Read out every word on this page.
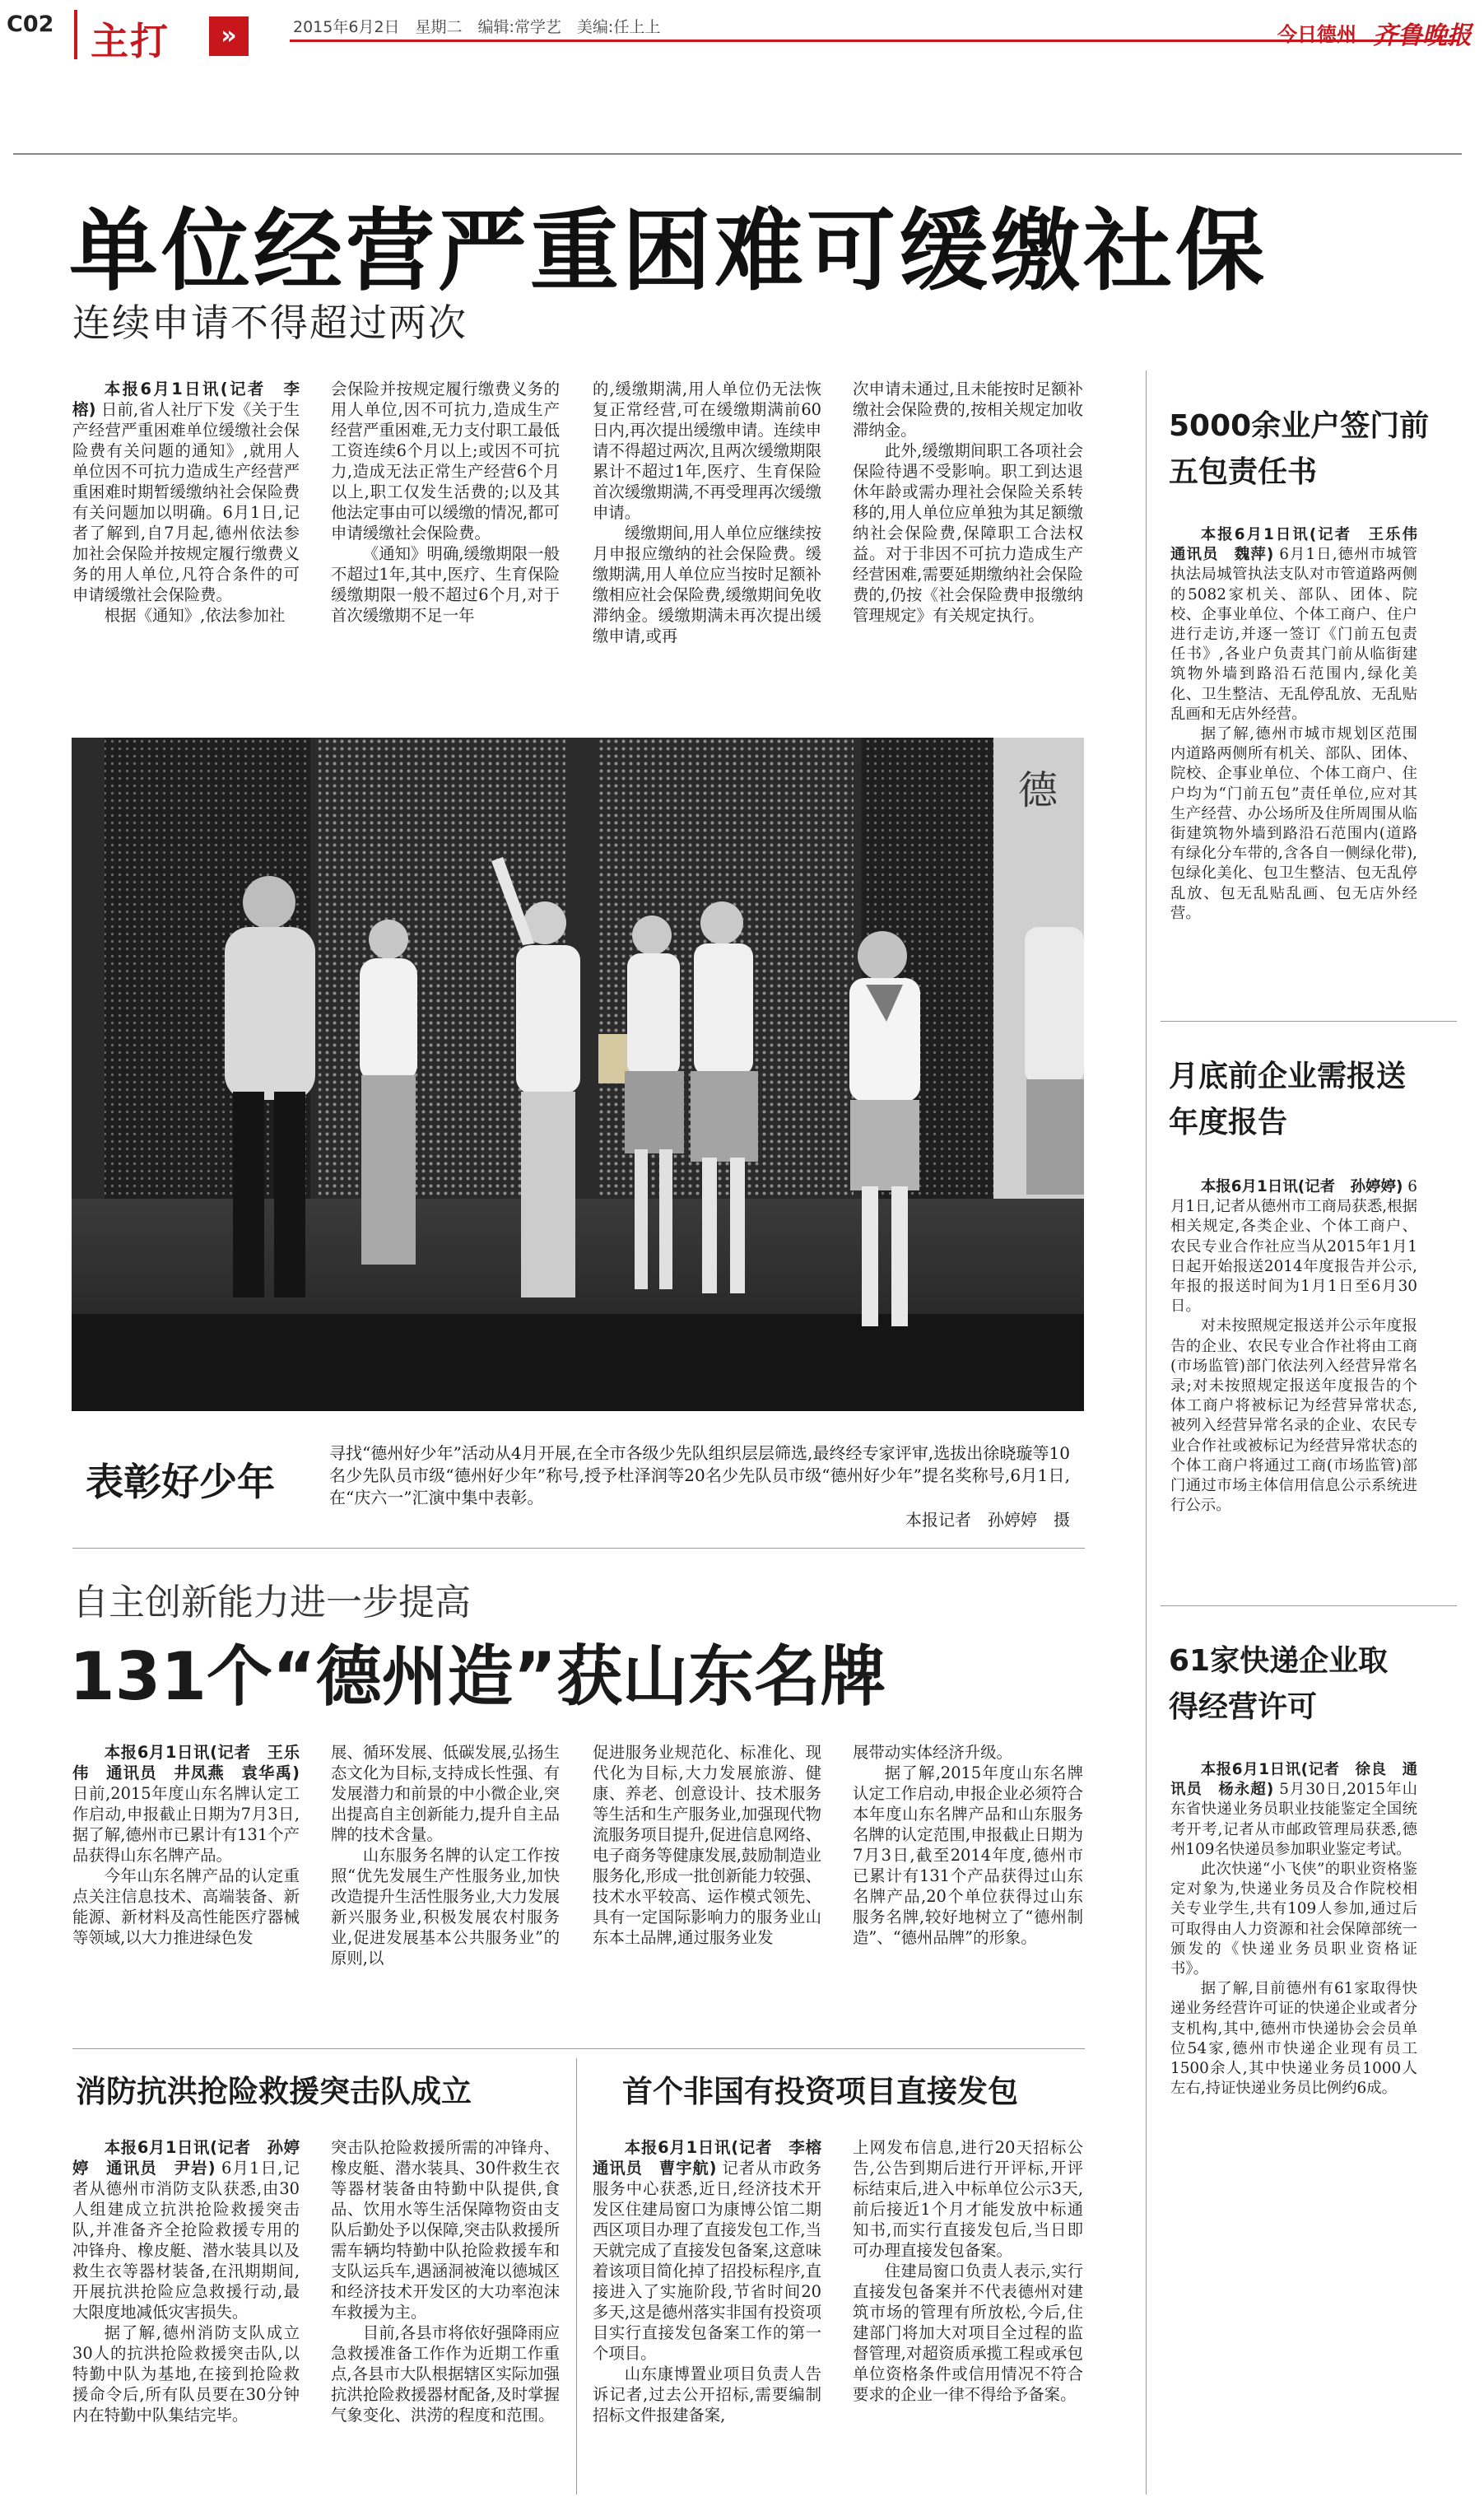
C02 主打	»	2015年6月2日　星期二　编辑:常学艺　美编:任上上	今日德州 齐鲁晚报
单位经营严重困难可缓缴社保
连续申请不得超过两次

本报6月1日讯(记者　李榕) 日前,省人社厅下发《关于生产经营严重困难单位缓缴社会保险费有关问题的通知》,就用人单位因不可抗力造成生产经营严重困难时期暂缓缴纳社会保险费有关问题加以明确。6月1日,记者了解到,自7月起,德州依法参加社会保险并按规定履行缴费义务的用人单位,凡符合条件的可申请缓缴社会保险费。

根据《通知》,依法参加社

会保险并按规定履行缴费义务的用人单位,因不可抗力,造成生产经营严重困难,无力支付职工最低工资连续6个月以上;或因不可抗力,造成无法正常生产经营6个月以上,职工仅发生活费的;以及其他法定事由可以缓缴的情况,都可申请缓缴社会保险费。

《通知》明确,缓缴期限一般不超过1年,其中,医疗、生育保险缓缴期限一般不超过6个月,对于首次缓缴期不足一年

的,缓缴期满,用人单位仍无法恢复正常经营,可在缓缴期满前60日内,再次提出缓缴申请。连续申请不得超过两次,且两次缓缴期限累计不超过1年,医疗、生育保险首次缓缴期满,不再受理再次缓缴申请。

缓缴期间,用人单位应继续按月申报应缴纳的社会保险费。缓缴期满,用人单位应当按时足额补缴相应社会保险费,缓缴期间免收滞纳金。缓缴期满未再次提出缓缴申请,或再

次申请未通过,且未能按时足额补缴社会保险费的,按相关规定加收滞纳金。

此外,缓缴期间职工各项社会保险待遇不受影响。职工到达退休年龄或需办理社会保险关系转移的,用人单位应单独为其足额缴纳社会保险费,保障职工合法权益。对于非因不可抗力造成生产经营困难,需要延期缴纳社会保险费的,仍按《社会保险费申报缴纳管理规定》有关规定执行。

德
表彰好少年
寻找“德州好少年”活动从4月开展,在全市各级少先队组织层层筛选,最终经专家评审,选拔出徐晓璇等10名少先队员市级“德州好少年”称号,授予杜泽润等20名少先队员市级“德州好少年”提名奖称号,6月1日,在“庆六一”汇演中集中表彰。
本报记者　孙婷婷　摄
自主创新能力进一步提高
131个“德州造”获山东名牌

本报6月1日讯(记者　王乐伟　通讯员　井凤燕　袁华禹) 日前,2015年度山东名牌认定工作启动,申报截止日期为7月3日,据了解,德州市已累计有131个产品获得山东名牌产品。

今年山东名牌产品的认定重点关注信息技术、高端装备、新能源、新材料及高性能医疗器械等领域,以大力推进绿色发

展、循环发展、低碳发展,弘扬生态文化为目标,支持成长性强、有发展潜力和前景的中小微企业,突出提高自主创新能力,提升自主品牌的技术含量。

山东服务名牌的认定工作按照“优先发展生产性服务业,加快改造提升生活性服务业,大力发展新兴服务业,积极发展农村服务业,促进发展基本公共服务业”的原则,以

促进服务业规范化、标准化、现代化为目标,大力发展旅游、健康、养老、创意设计、技术服务等生活和生产服务业,加强现代物流服务项目提升,促进信息网络、电子商务等健康发展,鼓励制造业服务化,形成一批创新能力较强、技术水平较高、运作模式领先、具有一定国际影响力的服务业山东本土品牌,通过服务业发

展带动实体经济升级。

据了解,2015年度山东名牌认定工作启动,申报企业必须符合本年度山东名牌产品和山东服务名牌的认定范围,申报截止日期为7月3日,截至2014年度,德州市已累计有131个产品获得过山东名牌产品,20个单位获得过山东服务名牌,较好地树立了“德州制造”、“德州品牌”的形象。

消防抗洪抢险救援突击队成立

本报6月1日讯(记者　孙婷婷　通讯员　尹岩) 6月1日,记者从德州市消防支队获悉,由30人组建成立抗洪抢险救援突击队,并准备齐全抢险救援专用的冲锋舟、橡皮艇、潜水装具以及救生衣等器材装备,在汛期期间,开展抗洪抢险应急救援行动,最大限度地减低灾害损失。

据了解,德州消防支队成立30人的抗洪抢险救援突击队,以特勤中队为基地,在接到抢险救援命令后,所有队员要在30分钟内在特勤中队集结完毕。

突击队抢险救援所需的冲锋舟、橡皮艇、潜水装具、30件救生衣等器材装备由特勤中队提供,食品、饮用水等生活保障物资由支队后勤处予以保障,突击队救援所需车辆均特勤中队抢险救援车和支队运兵车,遇涵洞被淹以德城区和经济技术开发区的大功率泡沫车救援为主。

目前,各县市将依好强降雨应急救援准备工作作为近期工作重点,各县市大队根据辖区实际加强抗洪抢险救援器材配备,及时掌握气象变化、洪涝的程度和范围。

首个非国有投资项目直接发包

本报6月1日讯(记者　李榕　通讯员　曹宇航) 记者从市政务服务中心获悉,近日,经济技术开发区住建局窗口为康博公馆二期西区项目办理了直接发包工作,当天就完成了直接发包备案,这意味着该项目简化掉了招投标程序,直接进入了实施阶段,节省时间20多天,这是德州落实非国有投资项目实行直接发包备案工作的第一个项目。

山东康博置业项目负责人告诉记者,过去公开招标,需要编制招标文件报建备案,

上网发布信息,进行20天招标公告,公告到期后进行开评标,开评标结束后,进入中标单位公示3天,前后接近1个月才能发放中标通知书,而实行直接发包后,当日即可办理直接发包备案。

住建局窗口负责人表示,实行直接发包备案并不代表德州对建筑市场的管理有所放松,今后,住建部门将加大对项目全过程的监督管理,对超资质承揽工程或承包单位资格条件或信用情况不符合要求的企业一律不得给予备案。

5000余业户签门前五包责任书

本报6月1日讯(记者　王乐伟　通讯员　魏萍) 6月1日,德州市城管执法局城管执法支队对市管道路两侧的5082家机关、部队、团体、院校、企事业单位、个体工商户、住户进行走访,并逐一签订《门前五包责任书》,各业户负责其门前从临街建筑物外墙到路沿石范围内,绿化美化、卫生整洁、无乱停乱放、无乱贴乱画和无店外经营。

据了解,德州市城市规划区范围内道路两侧所有机关、部队、团体、院校、企事业单位、个体工商户、住户均为“门前五包”责任单位,应对其生产经营、办公场所及住所周围从临街建筑物外墙到路沿石范围内(道路有绿化分车带的,含各自一侧绿化带),包绿化美化、包卫生整洁、包无乱停乱放、包无乱贴乱画、包无店外经营。

月底前企业需报送年度报告

本报6月1日讯(记者　孙婷婷) 6月1日,记者从德州市工商局获悉,根据相关规定,各类企业、个体工商户、农民专业合作社应当从2015年1月1日起开始报送2014年度报告并公示,年报的报送时间为1月1日至6月30日。

对未按照规定报送并公示年度报告的企业、农民专业合作社将由工商(市场监管)部门依法列入经营异常名录;对未按照规定报送年度报告的个体工商户将被标记为经营异常状态,被列入经营异常名录的企业、农民专业合作社或被标记为经营异常状态的个体工商户将通过工商(市场监管)部门通过市场主体信用信息公示系统进行公示。

61家快递企业取得经营许可

本报6月1日讯(记者　徐良　通讯员　杨永超) 5月30日,2015年山东省快递业务员职业技能鉴定全国统考开考,记者从市邮政管理局获悉,德州109名快递员参加职业鉴定考试。

此次快递“小飞侠”的职业资格鉴定对象为,快递业务员及合作院校相关专业学生,共有109人参加,通过后可取得由人力资源和社会保障部统一颁发的《快递业务员职业资格证书》。

据了解,目前德州有61家取得快递业务经营许可证的快递企业或者分支机构,其中,德州市快递协会会员单位54家,德州市快递企业现有员工1500余人,其中快递业务员1000人左右,持证快递业务员比例约6成。
